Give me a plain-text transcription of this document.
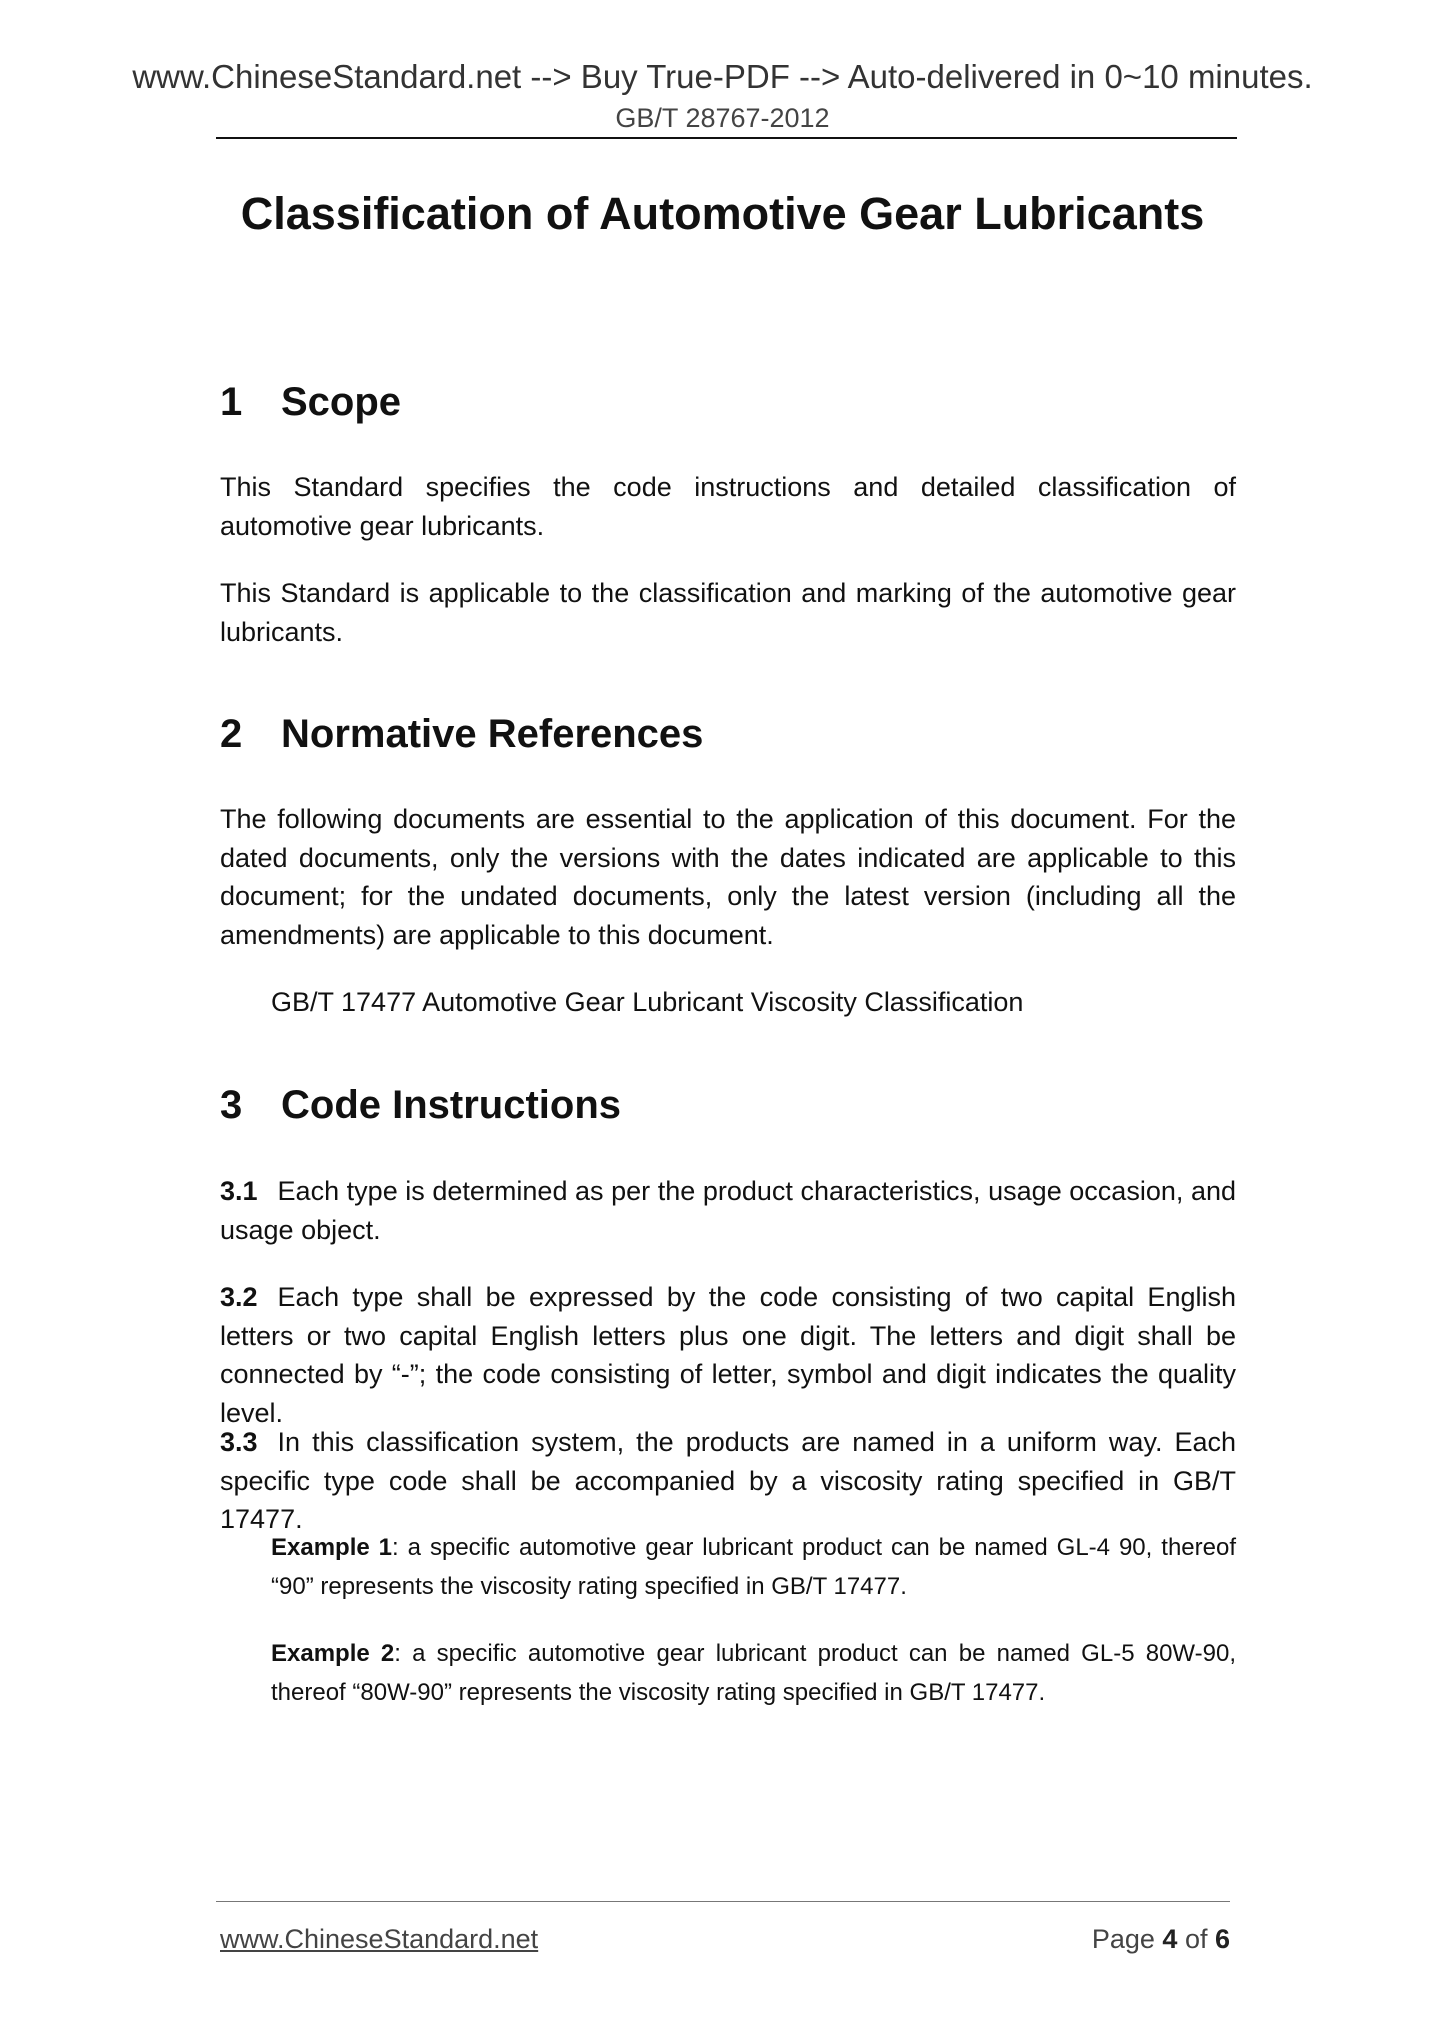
www.ChineseStandard.net --> Buy True-PDF --> Auto-delivered in 0~10 minutes.
GB/T 28767-2012
Classification of Automotive Gear Lubricants
1 Scope
This Standard specifies the code instructions and detailed classification of automotive gear lubricants.
This Standard is applicable to the classification and marking of the automotive gear lubricants.
2 Normative References
The following documents are essential to the application of this document. For the dated documents, only the versions with the dates indicated are applicable to this document; for the undated documents, only the latest version (including all the amendments) are applicable to this document.
GB/T 17477 Automotive Gear Lubricant Viscosity Classification
3 Code Instructions
3.1 Each type is determined as per the product characteristics, usage occasion, and usage object.
3.2 Each type shall be expressed by the code consisting of two capital English letters or two capital English letters plus one digit. The letters and digit shall be connected by “-”; the code consisting of letter, symbol and digit indicates the quality level.
3.3 In this classification system, the products are named in a uniform way. Each specific type code shall be accompanied by a viscosity rating specified in GB/T 17477.
Example 1: a specific automotive gear lubricant product can be named GL-4 90, thereof “90” represents the viscosity rating specified in GB/T 17477.
Example 2: a specific automotive gear lubricant product can be named GL-5 80W-90, thereof “80W-90” represents the viscosity rating specified in GB/T 17477.
www.ChineseStandard.net	Page 4 of 6
